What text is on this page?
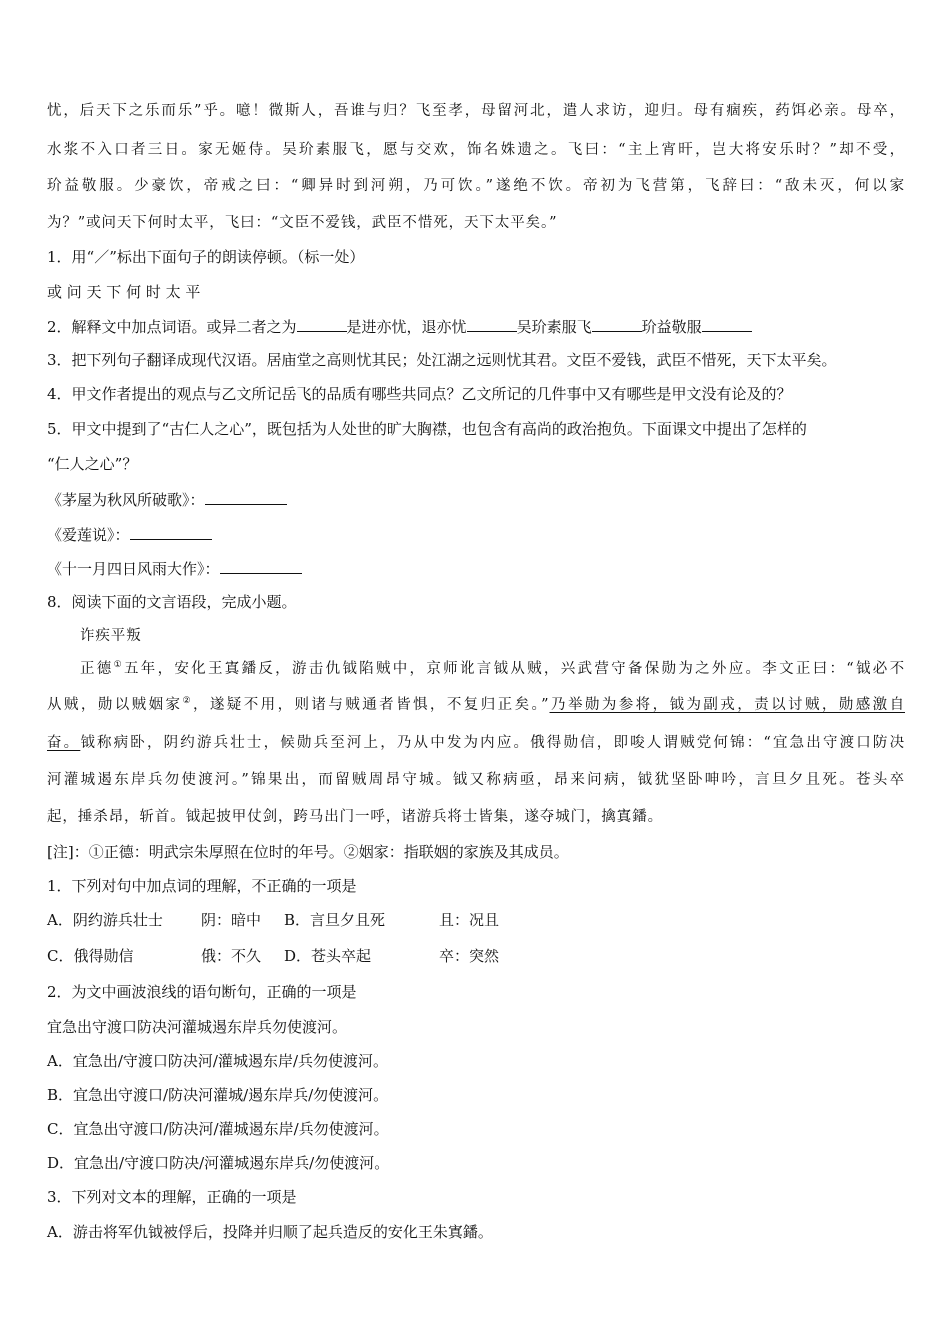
忧，后天下之乐而乐”乎。噫！微斯人，吾谁与归？飞至孝，母留河北，遣人求访，迎归。母有痼疾，药饵必亲。母卒，
水浆不入口者三日。家无姬侍。吴玠素服飞，愿与交欢，饰名姝遗之。飞曰：“主上宵旰，岂大将安乐时？”却不受，
玠益敬服。少豪饮，帝戒之曰：“卿异时到河朔，乃可饮。”遂绝不饮。帝初为飞营第，飞辞曰：“敌未灭，何以家
为？”或问天下何时太平，飞曰：“文臣不爱钱，武臣不惜死，天下太平矣。”
1．用“／”标出下面句子的朗读停顿。（标一处）
或 问 天 下 何 时 太 平
2．解释文中加点词语。或异二者之为	是进亦忧，退亦忧	吴玠素服飞	玠益敬服
3．把下列句子翻译成现代汉语。居庙堂之高则忧其民；处江湖之远则忧其君。文臣不爱钱，武臣不惜死，天下太平矣。
4．甲文作者提出的观点与乙文所记岳飞的品质有哪些共同点？乙文所记的几件事中又有哪些是甲文没有论及的？
5．甲文中提到了“古仁人之心”，既包括为人处世的旷大胸襟，也包含有高尚的政治抱负。下面课文中提出了怎样的
“仁人之心”？
《茅屋为秋风所破歌》：
《爱莲说》：
《十一月四日风雨大作》：
8．阅读下面的文言语段，完成小题。
诈疾平叛
正德①五年，安化王寘鐇反，游击仇钺陷贼中，京师讹言钺从贼，兴武营守备保勋为之外应。李文正曰：“钺必不
从贼，勋以贼姻家②，遂疑不用，则诸与贼通者皆惧，不复归正矣。”乃举勋为参将，钺为副戎，责以讨贼，勋感激自
奋。钺称病卧，阴约游兵壮士，候勋兵至河上，乃从中发为内应。俄得勋信，即唆人谓贼党何锦：“宜急出守渡口防决
河灌城遏东岸兵勿使渡河。”锦果出，而留贼周昂守城。钺又称病亟，昂来问病，钺犹坚卧呻吟，言旦夕且死。苍头卒
起，捶杀昂，斩首。钺起披甲仗剑，跨马出门一呼，诸游兵将士皆集，遂夺城门，擒寘鐇。
[注]：①正德：明武宗朱厚照在位时的年号。②姻家：指联姻的家族及其成员。
1．下列对句中加点词的理解，不正确的一项是
A．阴约游兵壮士	阴：暗中 B．言旦夕且死	且：况且
C．俄得勋信	俄：不久 D．苍头卒起	卒：突然
2．为文中画波浪线的语句断句，正确的一项是
宜急出守渡口防决河灌城遏东岸兵勿使渡河。
A．宜急出/守渡口防决河/灌城遏东岸/兵勿使渡河。
B．宜急出守渡口/防决河灌城/遏东岸兵/勿使渡河。
C．宜急出守渡口/防决河/灌城遏东岸/兵勿使渡河。
D．宜急出/守渡口防决/河灌城遏东岸兵/勿使渡河。
3．下列对文本的理解，正确的一项是
A．游击将军仇钺被俘后，投降并归顺了起兵造反的安化王朱寘鐇。
